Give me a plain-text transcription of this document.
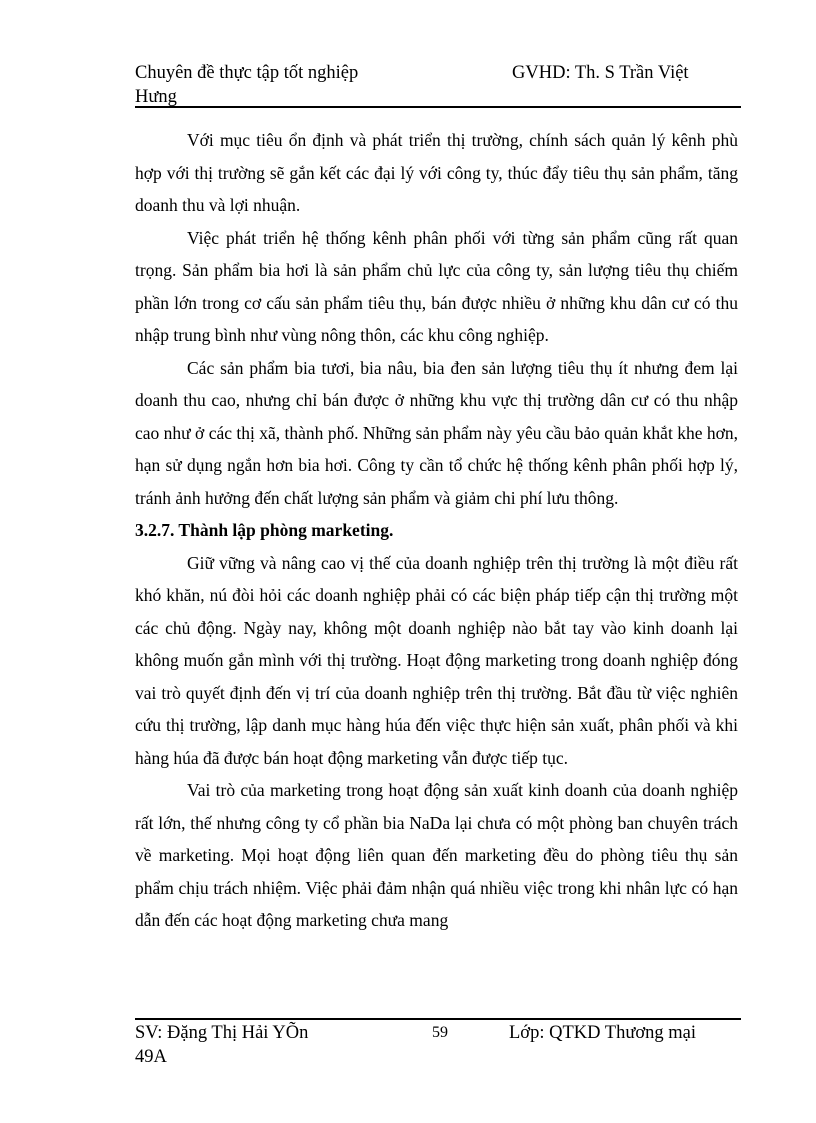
Chuyên đề thực tập tốt nghiệp	GVHD: Th. S Trần Việt
Hưng

Với mục tiêu ổn định và phát triển thị trường, chính sách quản lý kênh phù hợp với thị trường sẽ gắn kết các đại lý với công ty, thúc đẩy tiêu thụ sản phẩm, tăng doanh thu và lợi nhuận.

Việc phát triển hệ thống kênh phân phối với từng sản phẩm cũng rất quan trọng. Sản phẩm bia hơi là sản phẩm chủ lực của công ty, sản lượng tiêu thụ chiếm phần lớn trong cơ cấu sản phẩm tiêu thụ, bán được nhiều ở những khu dân cư có thu nhập trung bình như vùng nông thôn, các khu công nghiệp.

Các sản phẩm bia tươi, bia nâu, bia đen sản lượng tiêu thụ ít nhưng đem lại doanh thu cao, nhưng chỉ bán được ở những khu vực thị trường dân cư có thu nhập cao như ở các thị xã, thành phố. Những sản phẩm này yêu cầu bảo quản khắt khe hơn, hạn sử dụng ngắn hơn bia hơi. Công ty cần tổ chức hệ thống kênh phân phối hợp lý, tránh ảnh hưởng đến chất lượng sản phẩm và giảm chi phí lưu thông.

3.2.7. Thành lập phòng marketing.

Giữ vững và nâng cao vị thế của doanh nghiệp trên thị trường là một điều rất khó khăn, nú đòi hỏi các doanh nghiệp phải có các biện pháp tiếp cận thị trường một các chủ động. Ngày nay, không một doanh nghiệp nào bắt tay vào kinh doanh lại không muốn gắn mình với thị trường. Hoạt động marketing trong doanh nghiệp đóng vai trò quyết định đến vị trí của doanh nghiệp trên thị trường. Bắt đầu từ việc nghiên cứu thị trường, lập danh mục hàng húa đến việc thực hiện sản xuất, phân phối và khi hàng húa đã được bán hoạt động marketing vẫn được tiếp tục.

Vai trò của marketing trong hoạt động sản xuất kinh doanh của doanh nghiệp rất lớn, thế nhưng công ty cổ phần bia NaDa lại chưa có một phòng ban chuyên trách về marketing. Mọi hoạt động liên quan đến marketing đều do phòng tiêu thụ sản phẩm chịu trách nhiệm. Việc phải đảm nhận quá nhiều việc trong khi nhân lực có hạn dẫn đến các hoạt động marketing chưa mang

SV: Đặng Thị Hải YÕn	59	Lớp: QTKD Thương mại
49A
